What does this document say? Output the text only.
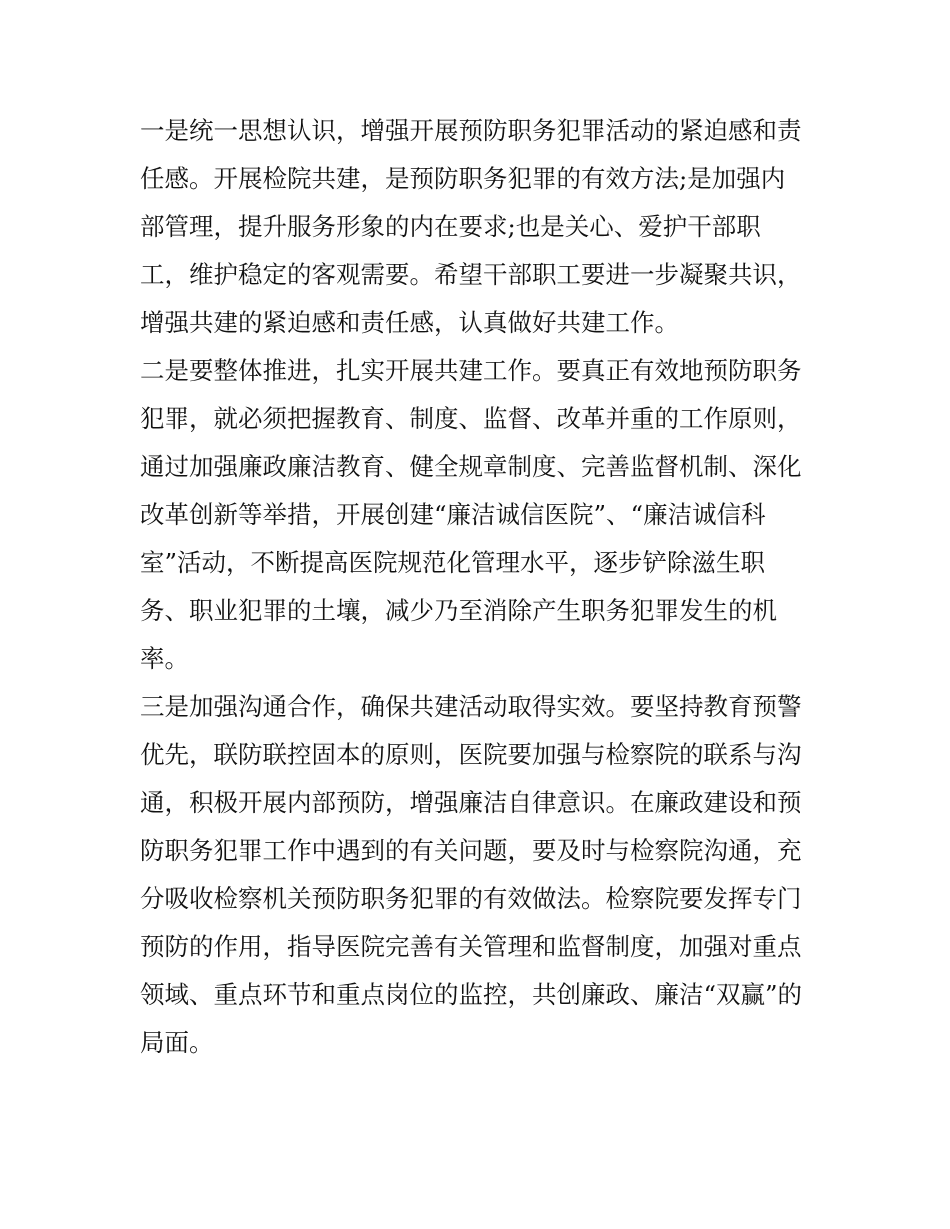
一是统一思想认识，增强开展预防职务犯罪活动的紧迫感和责
任感。开展检院共建，是预防职务犯罪的有效方法;是加强内
部管理，提升服务形象的内在要求;也是关心、爱护干部职
工，维护稳定的客观需要。希望干部职工要进一步凝聚共识，
增强共建的紧迫感和责任感，认真做好共建工作。
二是要整体推进，扎实开展共建工作。要真正有效地预防职务
犯罪，就必须把握教育、制度、监督、改革并重的工作原则，
通过加强廉政廉洁教育、健全规章制度、完善监督机制、深化
改革创新等举措，开展创建“廉洁诚信医院”、“廉洁诚信科
室”活动，不断提高医院规范化管理水平，逐步铲除滋生职
务、职业犯罪的土壤，减少乃至消除产生职务犯罪发生的机
率。
三是加强沟通合作，确保共建活动取得实效。要坚持教育预警
优先，联防联控固本的原则，医院要加强与检察院的联系与沟
通，积极开展内部预防，增强廉洁自律意识。在廉政建设和预
防职务犯罪工作中遇到的有关问题，要及时与检察院沟通，充
分吸收检察机关预防职务犯罪的有效做法。检察院要发挥专门
预防的作用，指导医院完善有关管理和监督制度，加强对重点
领域、重点环节和重点岗位的监控，共创廉政、廉洁“双赢”的
局面。
